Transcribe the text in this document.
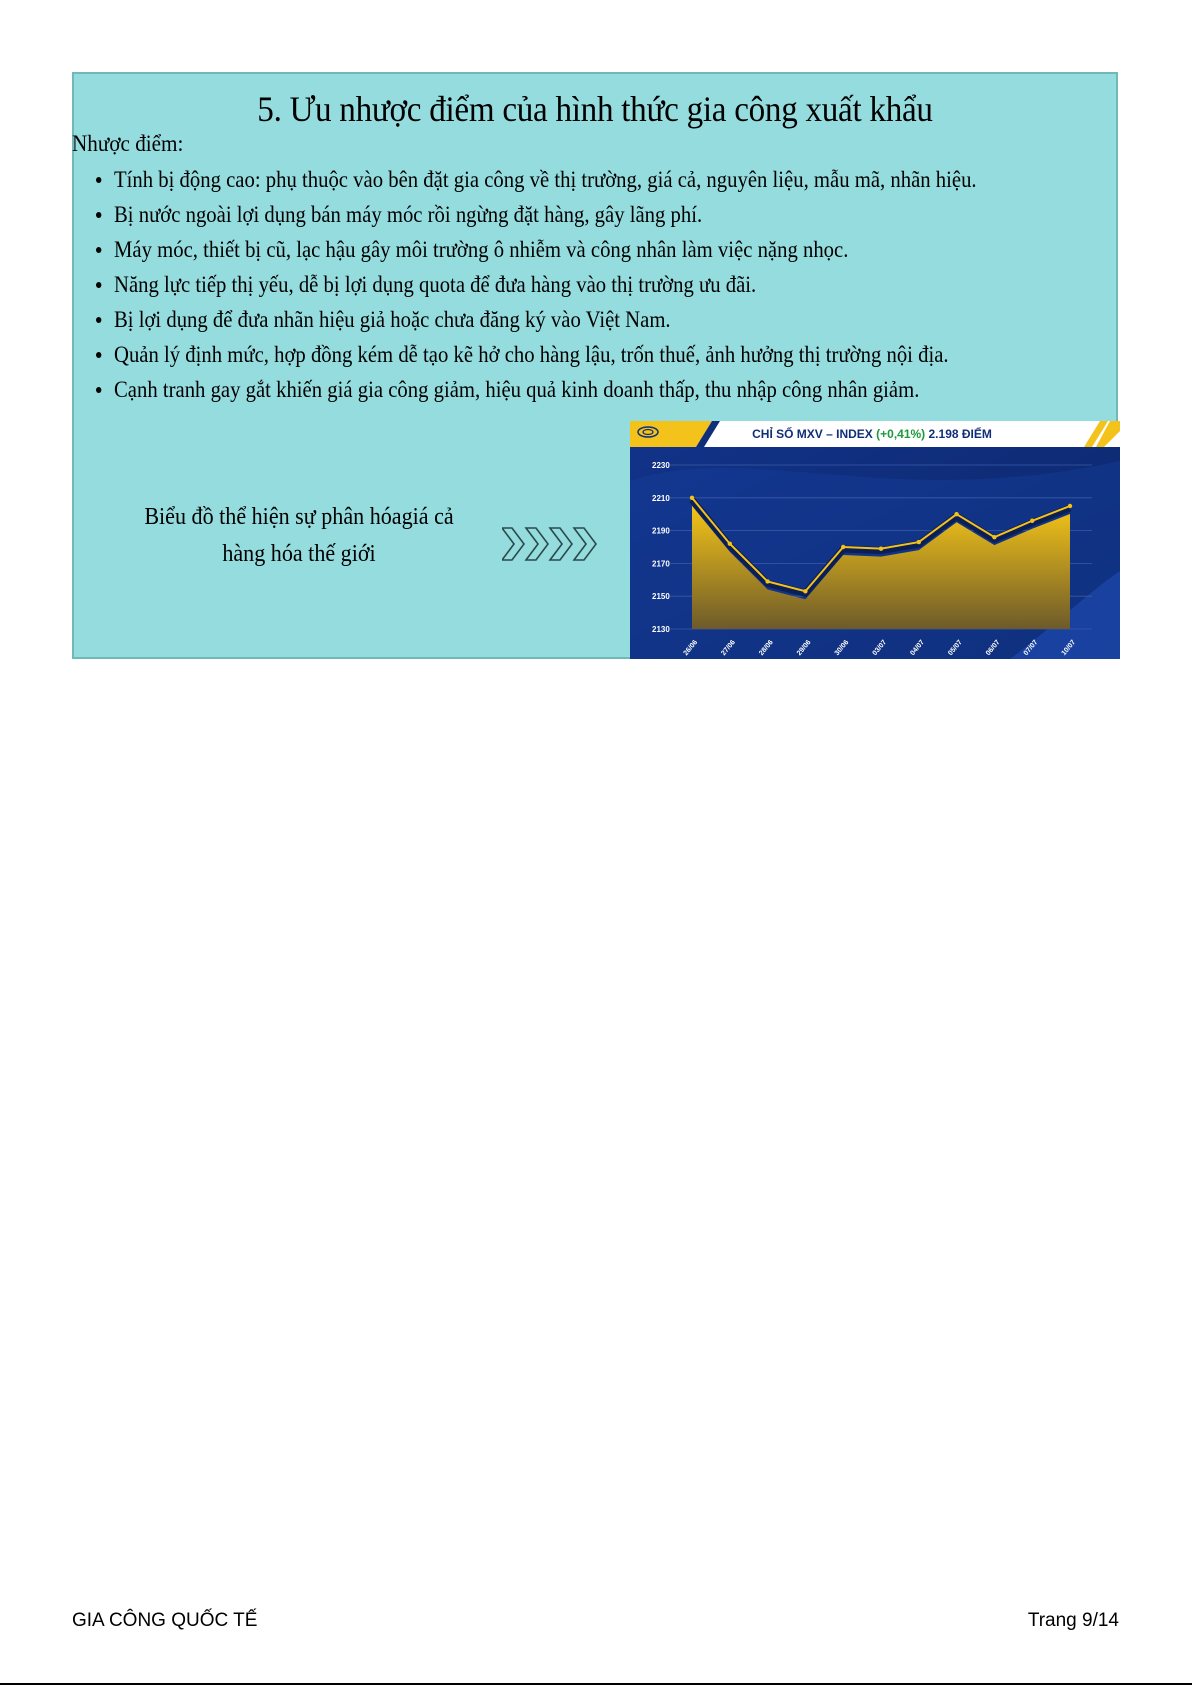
5. Ưu nhược điểm của hình thức gia công xuất khẩu
Nhược điểm:
Tính bị động cao: phụ thuộc vào bên đặt gia công về thị trường, giá cả, nguyên liệu, mẫu mã, nhãn hiệu.
Bị nước ngoài lợi dụng bán máy móc rồi ngừng đặt hàng, gây lãng phí.
Máy móc, thiết bị cũ, lạc hậu gây môi trường ô nhiễm và công nhân làm việc nặng nhọc.
Năng lực tiếp thị yếu, dễ bị lợi dụng quota để đưa hàng vào thị trường ưu đãi.
Bị lợi dụng để đưa nhãn hiệu giả hoặc chưa đăng ký vào Việt Nam.
Quản lý định mức, hợp đồng kém dễ tạo kẽ hở cho hàng lậu, trốn thuế, ảnh hưởng thị trường nội địa.
Cạnh tranh gay gắt khiến giá gia công giảm, hiệu quả kinh doanh thấp, thu nhập công nhân giảm.
Biểu đồ thể hiện sự phân hóagiá cả
hàng hóa thế giới
CHỈ SỐ MXV – INDEX (+0,41%) 2.198 ĐIỂM
2230
2210
2190
2170
2150
2130
26/06	27/06	28/06	29/06	30/06	03/07	04/07	05/07	06/07	07/07	10/07
GIA CÔNG QUỐC TẾ	Trang 9/14
